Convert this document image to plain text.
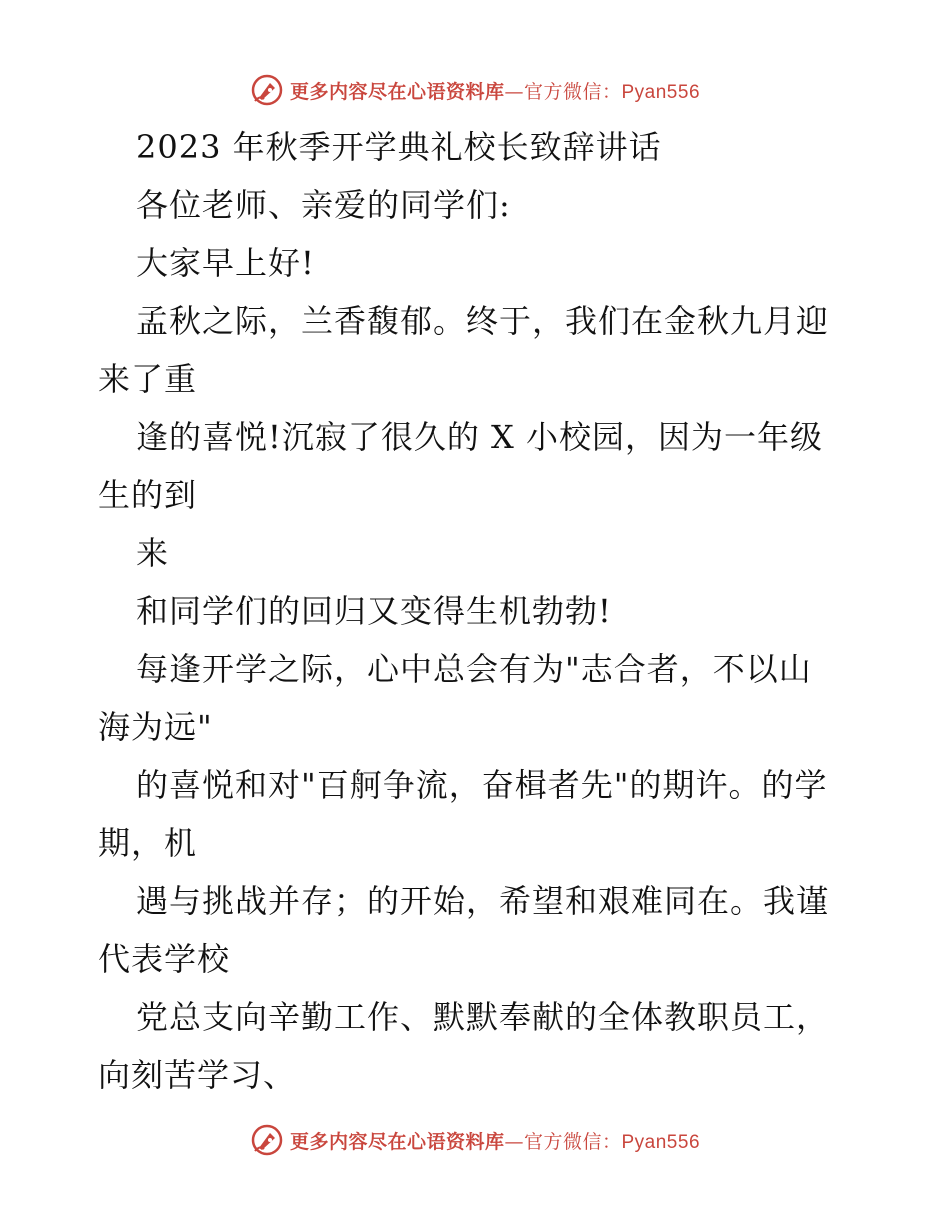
更多内容尽在心语资料库—官方微信：Pyan556
2023 年秋季开学典礼校长致辞讲话
各位老师、亲爱的同学们:
大家早上好!
孟秋之际，兰香馥郁。终于，我们在金秋九月迎
来了重
逢的喜悦!沉寂了很久的 X 小校园，因为一年级
生的到
来
和同学们的回归又变得生机勃勃!
每逢开学之际，心中总会有为"志合者，不以山
海为远"
的喜悦和对"百舸争流，奋楫者先"的期许。的学
期，机
遇与挑战并存；的开始，希望和艰难同在。我谨
代表学校
党总支向辛勤工作、默默奉献的全体教职员工，
向刻苦学习、
更多内容尽在心语资料库—官方微信：Pyan556
